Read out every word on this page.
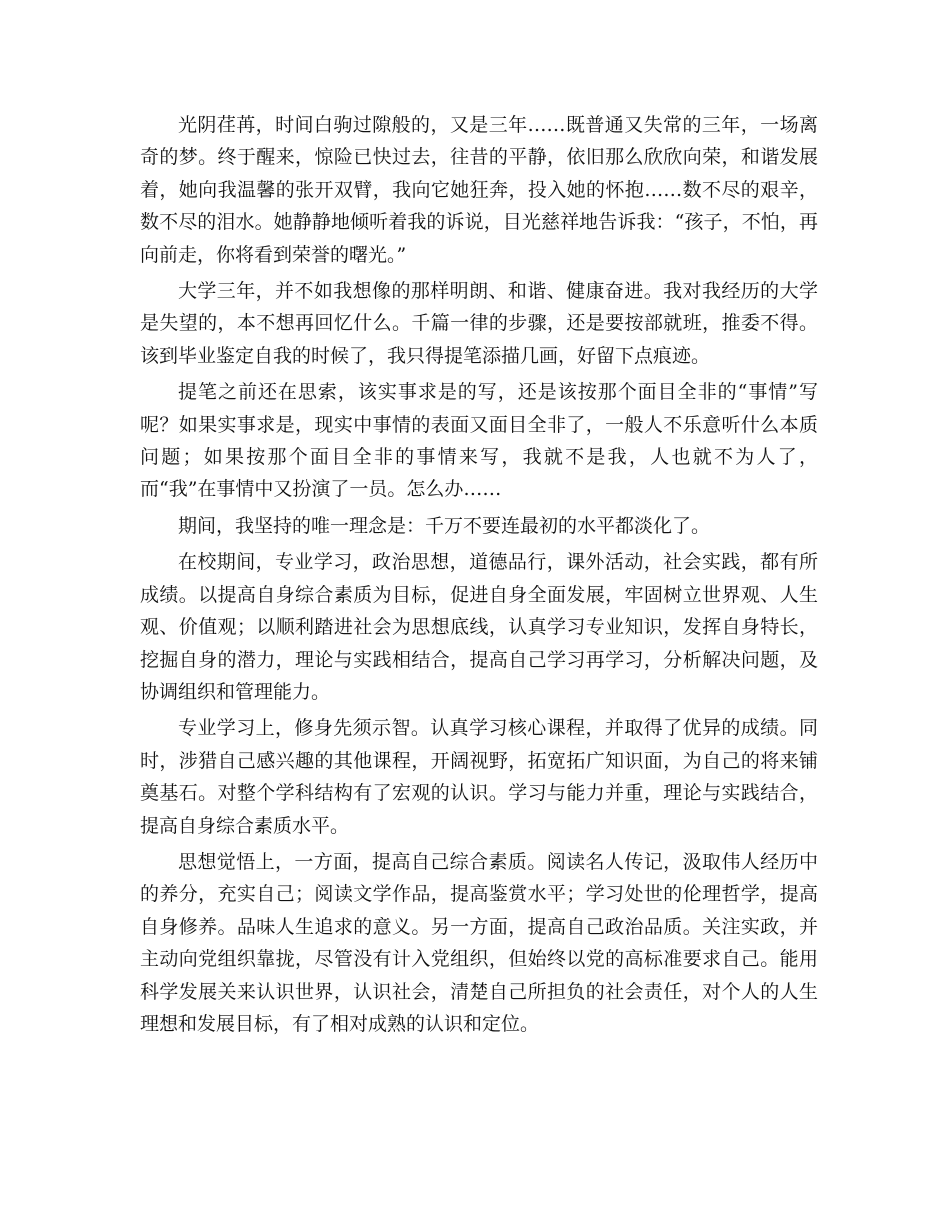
光阴荏苒，时间白驹过隙般的，又是三年……既普通又失常的三年，一场离奇的梦。终于醒来，惊险已快过去，往昔的平静，依旧那么欣欣向荣，和谐发展着，她向我温馨的张开双臂，我向它她狂奔，投入她的怀抱……数不尽的艰辛，数不尽的泪水。她静静地倾听着我的诉说，目光慈祥地告诉我：“孩子，不怕，再向前走，你将看到荣誉的曙光。”

大学三年，并不如我想像的那样明朗、和谐、健康奋进。我对我经历的大学是失望的，本不想再回忆什么。千篇一律的步骤，还是要按部就班，推委不得。该到毕业鉴定自我的时候了，我只得提笔添描几画，好留下点痕迹。

提笔之前还在思索，该实事求是的写，还是该按那个面目全非的“事情”写呢？如果实事求是，现实中事情的表面又面目全非了，一般人不乐意听什么本质问题；如果按那个面目全非的事情来写，我就不是我，人也就不为人了，而“我”在事情中又扮演了一员。怎么办……

期间，我坚持的唯一理念是：千万不要连最初的水平都淡化了。

在校期间，专业学习，政治思想，道德品行，课外活动，社会实践，都有所成绩。以提高自身综合素质为目标，促进自身全面发展，牢固树立世界观、人生观、价值观；以顺利踏进社会为思想底线，认真学习专业知识，发挥自身特长，挖掘自身的潜力，理论与实践相结合，提高自己学习再学习，分析解决问题，及协调组织和管理能力。

专业学习上，修身先须示智。认真学习核心课程，并取得了优异的成绩。同时，涉猎自己感兴趣的其他课程，开阔视野，拓宽拓广知识面，为自己的将来铺奠基石。对整个学科结构有了宏观的认识。学习与能力并重，理论与实践结合，提高自身综合素质水平。

思想觉悟上，一方面，提高自己综合素质。阅读名人传记，汲取伟人经历中的养分，充实自己；阅读文学作品，提高鉴赏水平；学习处世的伦理哲学，提高自身修养。品味人生追求的意义。另一方面，提高自己政治品质。关注实政，并主动向党组织靠拢，尽管没有计入党组织，但始终以党的高标准要求自己。能用科学发展关来认识世界，认识社会，清楚自己所担负的社会责任，对个人的人生理想和发展目标，有了相对成熟的认识和定位。
